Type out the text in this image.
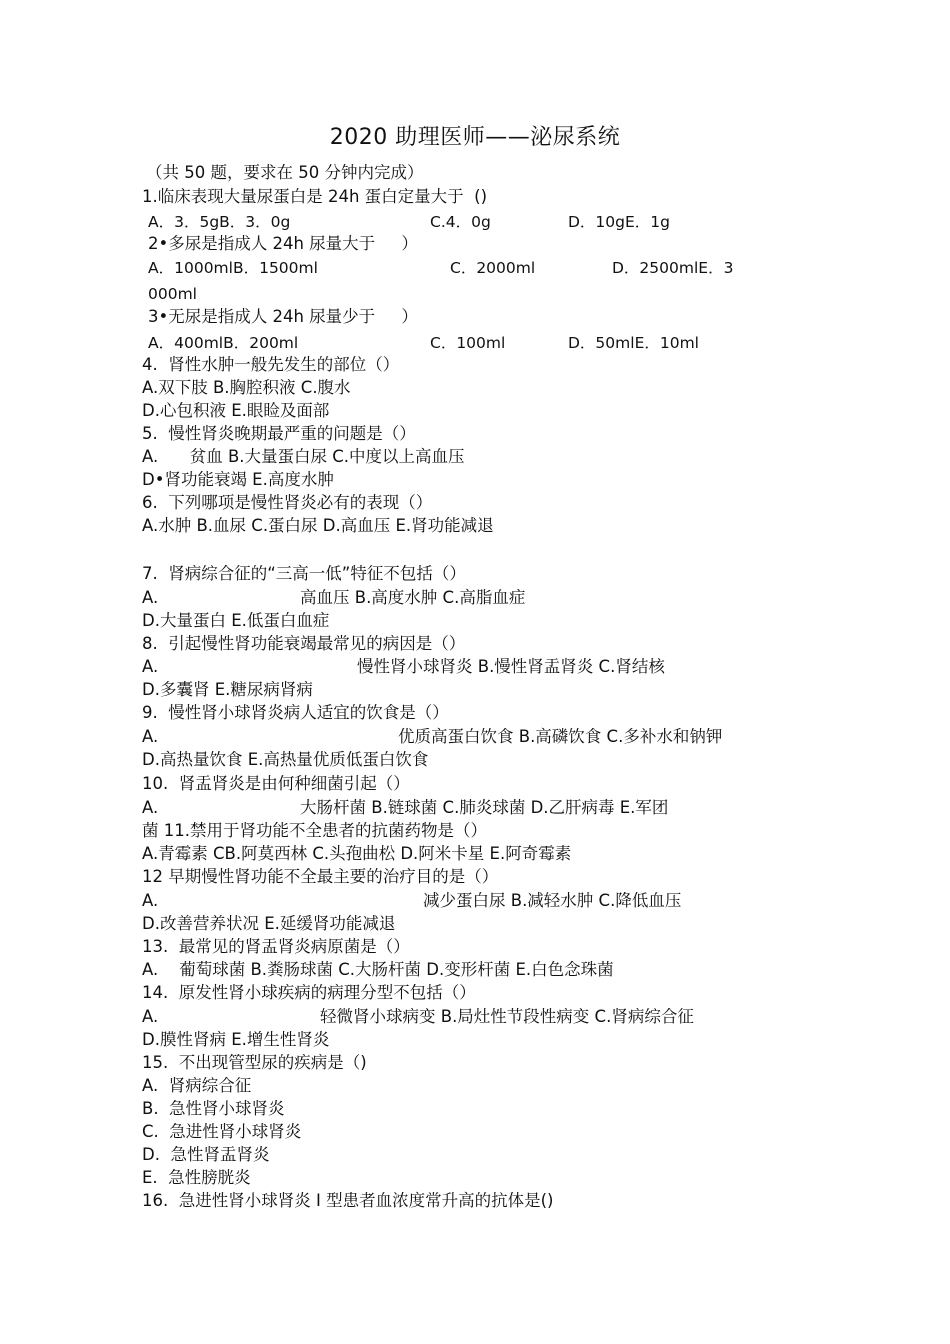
2020 助理医师——泌尿系统
（共 50 题，要求在 50 分钟内完成）
1.临床表现大量尿蛋白是 24h 蛋白定量大于  ()
A．3．5gB．3．0g	C.4．0g	D．10gE．1g
2•多尿是指成人 24h 尿量大于     ）
A．1000mlB．1500ml	C．2000ml	D．2500mlE．3
000ml
3•无尿是指成人 24h 尿量少于     ）
A．400mlB．200ml	C．100ml	D．50mlE．10ml
4.  肾性水肿一般先发生的部位（）
A.双下肢 B.胸腔积液 C.腹水
D.心包积液 E.眼睑及面部
5.  慢性肾炎晚期最严重的问题是（）
A.      贫血 B.大量蛋白尿 C.中度以上高血压
D•肾功能衰竭 E.高度水肿
6.  下列哪项是慢性肾炎必有的表现（）
A.水肿 B.血尿 C.蛋白尿 D.高血压 E.肾功能减退
7.  肾病综合征的“三高一低”特征不包括（）
A.	高血压 B.高度水肿 C.高脂血症
D.大量蛋白 E.低蛋白血症
8.  引起慢性肾功能衰竭最常见的病因是（）
A.	慢性肾小球肾炎 B.慢性肾盂肾炎 C.肾结核
D.多囊肾 E.糖尿病肾病
9.  慢性肾小球肾炎病人适宜的饮食是（）
A.	优质高蛋白饮食 B.高磷饮食 C.多补水和钠钾
D.高热量饮食 E.高热量优质低蛋白饮食
10.  肾盂肾炎是由何种细菌引起（）
A.	大肠杆菌 B.链球菌 C.肺炎球菌 D.乙肝病毒 E.军团
菌 11.禁用于肾功能不全患者的抗菌药物是（）
A.青霉素 CB.阿莫西林 C.头孢曲松 D.阿米卡星 E.阿奇霉素
12 早期慢性肾功能不全最主要的治疗目的是（）
A.	减少蛋白尿 B.减轻水肿 C.降低血压
D.改善营养状况 E.延缓肾功能减退
13.  最常见的肾盂肾炎病原菌是（）
A.    葡萄球菌 B.粪肠球菌 C.大肠杆菌 D.变形杆菌 E.白色念珠菌
14.  原发性肾小球疾病的病理分型不包括（）
A.	轻微肾小球病变 B.局灶性节段性病变 C.肾病综合征
D.膜性肾病 E.增生性肾炎
15.  不出现管型尿的疾病是（)
A.  肾病综合征
B.  急性肾小球肾炎
C.  急进性肾小球肾炎
D.  急性肾盂肾炎
E.  急性膀胱炎
16.  急进性肾小球肾炎 I 型患者血浓度常升高的抗体是()
